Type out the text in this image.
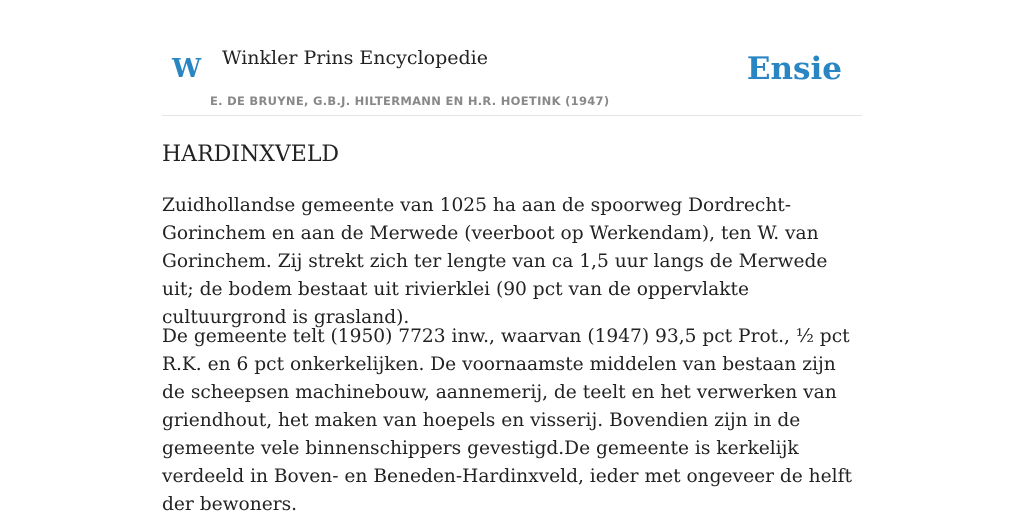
W Winkler Prins Encyclopedie
E. DE BRUYNE, G.B.J. HILTERMANN EN H.R. HOETINK (1947)
Ensie
HARDINXVELD

Zuidhollandse gemeente van 1025 ha aan de spoorweg Dordrecht- Gorinchem en aan de Merwede (veerboot op Werkendam), ten W. van Gorinchem. Zij strekt zich ter lengte van ca 1,5 uur langs de Merwede uit; de bodem bestaat uit rivierklei (90 pct van de oppervlakte cultuurgrond is grasland).

De gemeente telt (1950) 7723 inw., waarvan (1947) 93,5 pct Prot., ½ pct R.K. en 6 pct onkerkelijken. De voornaamste middelen van bestaan zijn de scheepsen machinebouw, aannemerij, de teelt en het verwerken van griendhout, het maken van hoepels en visserij. Bovendien zijn in de gemeente vele binnenschippers gevestigd.De gemeente is kerkelijk verdeeld in Boven- en Beneden-Hardinxveld, ieder met ongeveer de helft der bewoners.
